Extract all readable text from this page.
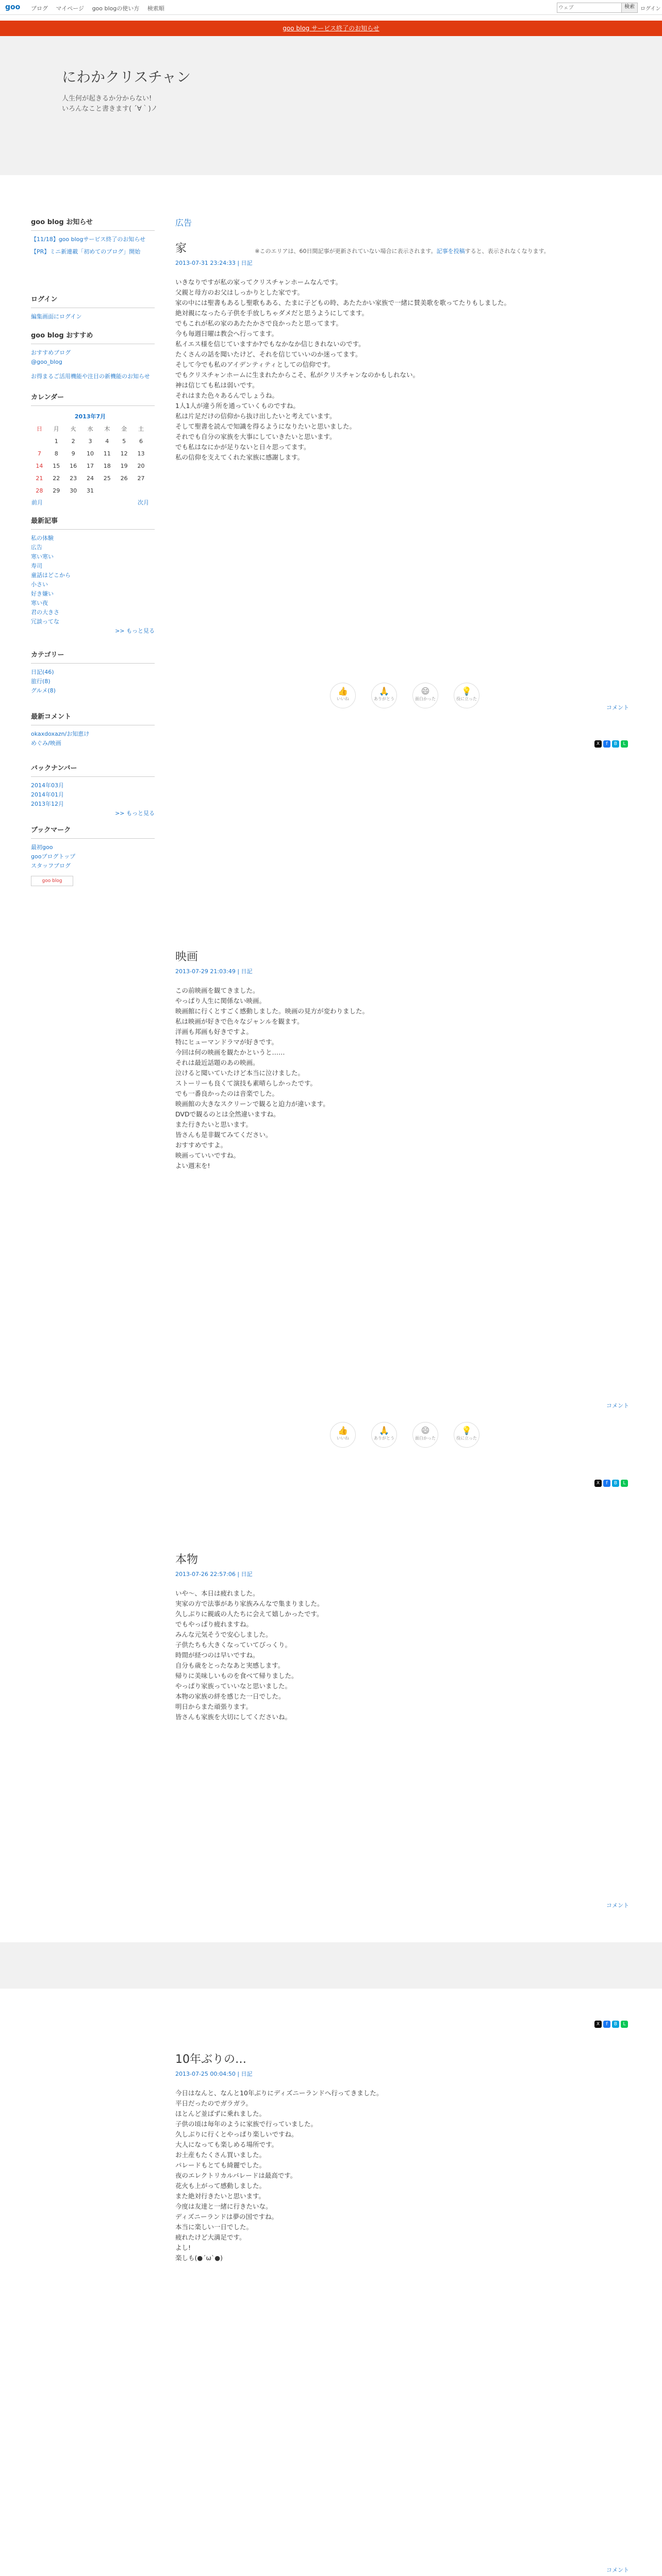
goo ブログ マイページ goo blogの使い方 検索順
ウェブ	検索	ログイン
goo blog サービス終了のお知らせ
にわかクリスチャン
人生何が起きるか分からない!
いろんなこと書きます( ´∀｀)ノ
goo blog お知らせ
【11/18】goo blogサービス終了のお知らせ
【PR】ミニ新連載「初めてのブログ」開始
ログイン
編集画面にログイン
goo blog おすすめ
おすすめブログ
@goo_blog
お得まるご活用機能や注目の新機能のお知らせ
カレンダー
2013年7月						
日	月	火	水	木	金	土
	1	2	3	4	5	6
7	8	9	10	11	12	13
14	15	16	17	18	19	20
21	22	23	24	25	26	27
28	29	30	31			
前月				次月		
最新記事
私の体験
広告
寒い寒い
寿司
童話はどこから
小さい
好き嫌い
寒い夜
君の大きさ
冗談ってな
>> もっと見る
カテゴリー
日記(46)
旅行(8)
グルメ(8)
最新コメント
okaxdoxazn/お知恵け
めぐみ/映画
バックナンバー
2014年03月
2014年01月
2013年12月
>> もっと見る
ブックマーク
最初goo
gooブログトップ
スタッフブログ
goo blog
広告
※このエリアは、60日間記事が更新されていない場合に表示されます。記事を投稿すると、表示されなくなります。
家
2013-07-31 23:24:33 | 日記

いきなりですが私の家ってクリスチャンホームなんです。

父親と母方のお父はしっかりとした家です。

家の中には聖書もあるし聖歌もある、たまに子どもの時、あたたかい家族で一緒に賛美歌を歌ってたりもしました。

絶対親になったら子供を手放しちゃダメだと思うようにしてます。

でもこれが私の家のあたたかさで良かったと思ってます。

今も毎週日曜は教会へ行ってます。

私イエス様を信じていますか?でもなかなか信じきれないのです。

たくさんの話を聞いたけど、それを信じていいのか迷ってます。

そして今でも私のアイデンティティとしての信仰です。

でもクリスチャンホームに生まれたからこそ、私がクリスチャンなのかもしれない。

神は信じても私は弱いです。

それはまた色々あるんでしょうね。

1人1人が違う所を通っていくものですね。

私は片足だけの信仰から抜け出したいと考えています。

そして聖書を読んで知識を得るようになりたいと思いました。

それでも自分の家族を大事にしていきたいと思います。

でも私はなにかが足りないと日々思ってます。

私の信仰を支えてくれた家族に感謝します。

コメント
👍
いいね
🙏
ありがとう
😄
面白かった
💡
役に立った
X f B L
映画
2013-07-29 21:03:49 | 日記

この前映画を観てきました。

やっぱり人生に関係ない映画。

映画館に行くとすごく感動しました。映画の見方が変わりました。

私は映画が好きで色々なジャンルを観ます。

洋画も邦画も好きですよ。

特にヒューマンドラマが好きです。

今回は何の映画を観たかというと……

それは最近話題のあの映画。

泣けると聞いていたけど本当に泣けました。

ストーリーも良くて演技も素晴らしかったです。

でも一番良かったのは音楽でした。

映画館の大きなスクリーンで観ると迫力が違います。

DVDで観るのとは全然違いますね。

また行きたいと思います。

皆さんも是非観てみてください。

おすすめですよ。

映画っていいですね。

よい週末を!

コメント
👍
いいね
🙏
ありがとう
😄
面白かった
💡
役に立った
X f B L
本物
2013-07-26 22:57:06 | 日記

いや〜、本日は疲れました。

実家の方で法事があり家族みんなで集まりました。

久しぶりに親戚の人たちに会えて嬉しかったです。

でもやっぱり疲れますね。

みんな元気そうで安心しました。

子供たちも大きくなっていてびっくり。

時間が経つのは早いですね。

自分も歳をとったなあと実感します。

帰りに美味しいものを食べて帰りました。

やっぱり家族っていいなと思いました。

本物の家族の絆を感じた一日でした。

明日からまた頑張ります。

皆さんも家族を大切にしてくださいね。

コメント
X f B L
10年ぶりの…
2013-07-25 00:04:50 | 日記

今日はなんと、なんと10年ぶりにディズニーランドへ行ってきました。

平日だったのでガラガラ。

ほとんど並ばずに乗れました。

子供の頃は毎年のように家族で行っていました。

久しぶりに行くとやっぱり楽しいですね。

大人になっても楽しめる場所です。

お土産もたくさん買いました。

パレードもとても綺麗でした。

夜のエレクトリカルパレードは最高です。

花火も上がって感動しました。

また絶対行きたいと思います。

今度は友達と一緒に行きたいな。

ディズニーランドは夢の国ですね。

本当に楽しい一日でした。

疲れたけど大満足です。

よし!

楽しも(●´ω`●)

コメント
